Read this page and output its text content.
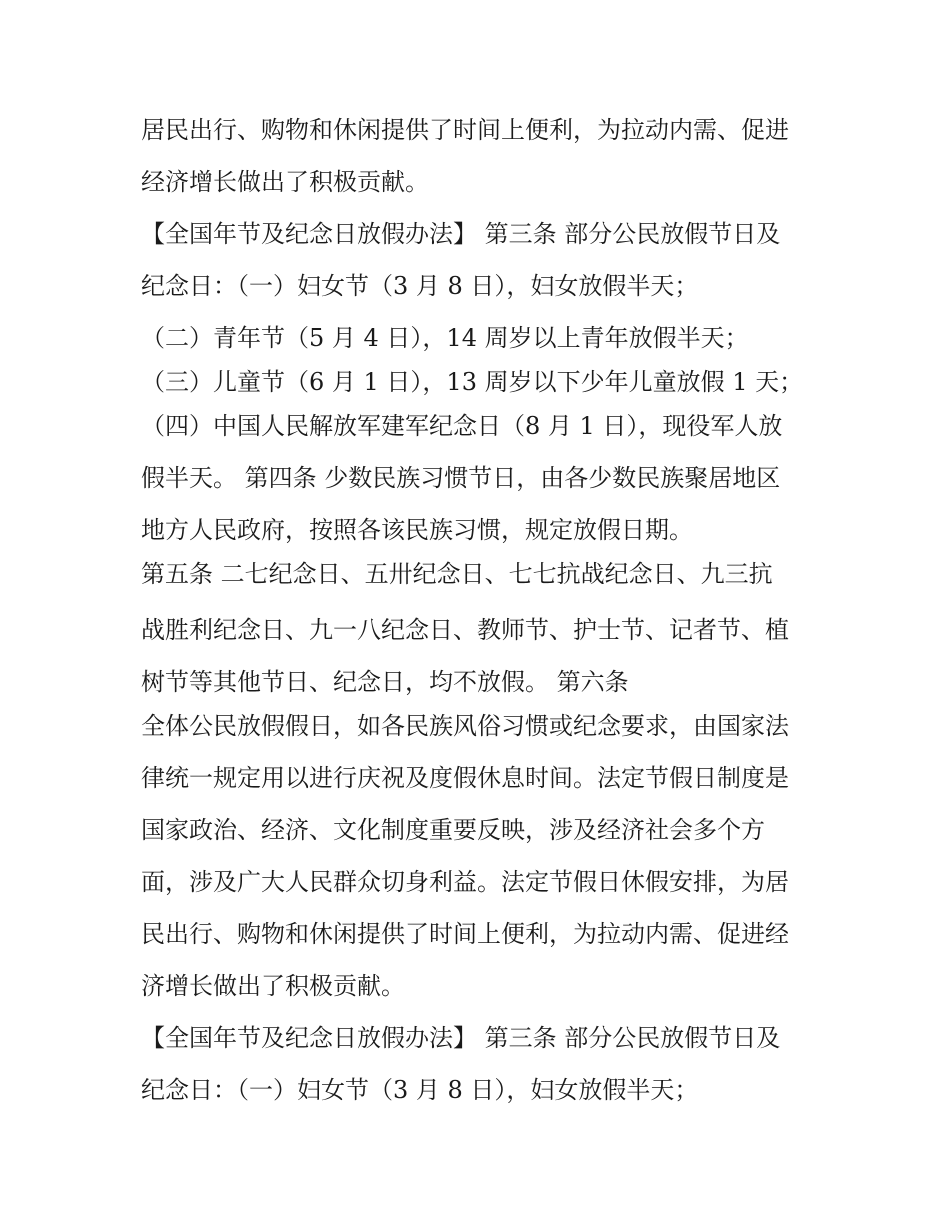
居民出行、购物和休闲提供了时间上便利，为拉动内需、促进
经济增长做出了积极贡献。
【全国年节及纪念日放假办法】 第三条 部分公民放假节日及
纪念日：（一）妇女节（3 月 8 日），妇女放假半天；
（二）青年节（5 月 4 日），14 周岁以上青年放假半天；
（三）儿童节（6 月 1 日），13 周岁以下少年儿童放假 1 天；
（四）中国人民解放军建军纪念日（8 月 1 日），现役军人放
假半天。 第四条 少数民族习惯节日，由各少数民族聚居地区
地方人民政府，按照各该民族习惯，规定放假日期。
第五条 二七纪念日、五卅纪念日、七七抗战纪念日、九三抗
战胜利纪念日、九一八纪念日、教师节、护士节、记者节、植
树节等其他节日、纪念日，均不放假。 第六条
全体公民放假假日，如各民族风俗习惯或纪念要求，由国家法
律统一规定用以进行庆祝及度假休息时间。法定节假日制度是
国家政治、经济、文化制度重要反映，涉及经济社会多个方
面，涉及广大人民群众切身利益。法定节假日休假安排，为居
民出行、购物和休闲提供了时间上便利，为拉动内需、促进经
济增长做出了积极贡献。
【全国年节及纪念日放假办法】 第三条 部分公民放假节日及
纪念日：（一）妇女节（3 月 8 日），妇女放假半天；
